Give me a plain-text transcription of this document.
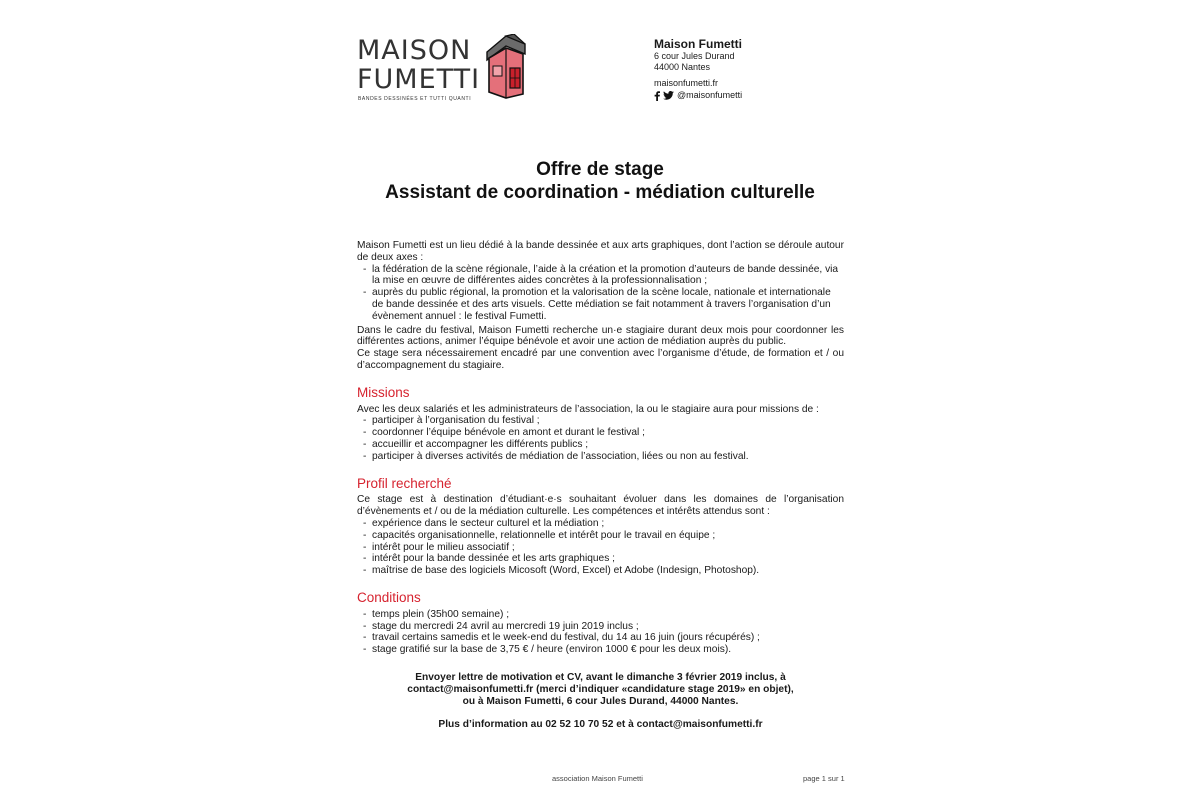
MAISON
FUMETTI
BANDES DESSINÉES ET TUTTI QUANTI
Maison Fumetti
6 cour Jules Durand
44000 Nantes
maisonfumetti.fr
@maisonfumetti
Offre de stage
Assistant de coordination - médiation culturelle

Maison Fumetti est un lieu dédié à la bande dessinée et aux arts graphiques, dont l’action se déroule autour de deux axes :

- la fédération de la scène régionale, l’aide à la création et la promotion d’auteurs de bande dessinée, via la mise en œuvre de différentes aides concrètes à la professionnalisation ;
- auprès du public régional, la promotion et la valorisation de la scène locale, nationale et internationale de bande dessinée et des arts visuels. Cette médiation se fait notamment à travers l’organisation d’un évènement annuel : le festival Fumetti.

Dans le cadre du festival, Maison Fumetti recherche un·e stagiaire durant deux mois pour coordonner les différentes actions, animer l’équipe bénévole et avoir une action de médiation auprès du public.

Ce stage sera nécessairement encadré par une convention avec l’organisme d’étude, de formation et / ou d’accompagnement du stagiaire.

Missions

Avec les deux salariés et les administrateurs de l’association, la ou le stagiaire aura pour missions de :

- participer à l’organisation du festival ;
- coordonner l’équipe bénévole en amont et durant le festival ;
- accueillir et accompagner les différents publics ;
- participer à diverses activités de médiation de l’association, liées ou non au festival.
Profil recherché

Ce stage est à destination d’étudiant·e·s souhaitant évoluer dans les domaines de l’organisation d’évènements et / ou de la médiation culturelle. Les compétences et intérêts attendus sont :

- expérience dans le secteur culturel et la médiation ;
- capacités organisationnelle, relationnelle et intérêt pour le travail en équipe ;
- intérêt pour le milieu associatif ;
- intérêt pour la bande dessinée et les arts graphiques ;
- maîtrise de base des logiciels Micosoft (Word, Excel) et Adobe (Indesign, Photoshop).
Conditions
- temps plein (35h00 semaine) ;
- stage du mercredi 24 avril au mercredi 19 juin 2019 inclus ;
- travail certains samedis et le week-end du festival, du 14 au 16 juin (jours récupérés) ;
- stage gratifié sur la base de 3,75 € / heure (environ 1000 € pour les deux mois).
Envoyer lettre de motivation et CV, avant le dimanche 3 février 2019 inclus, à
contact@maisonfumetti.fr (merci d’indiquer «candidature stage 2019» en objet),
ou à Maison Fumetti, 6 cour Jules Durand, 44000 Nantes.
Plus d’information au 02 52 10 70 52 et à contact@maisonfumetti.fr
association Maison Fumetti	page 1 sur 1
